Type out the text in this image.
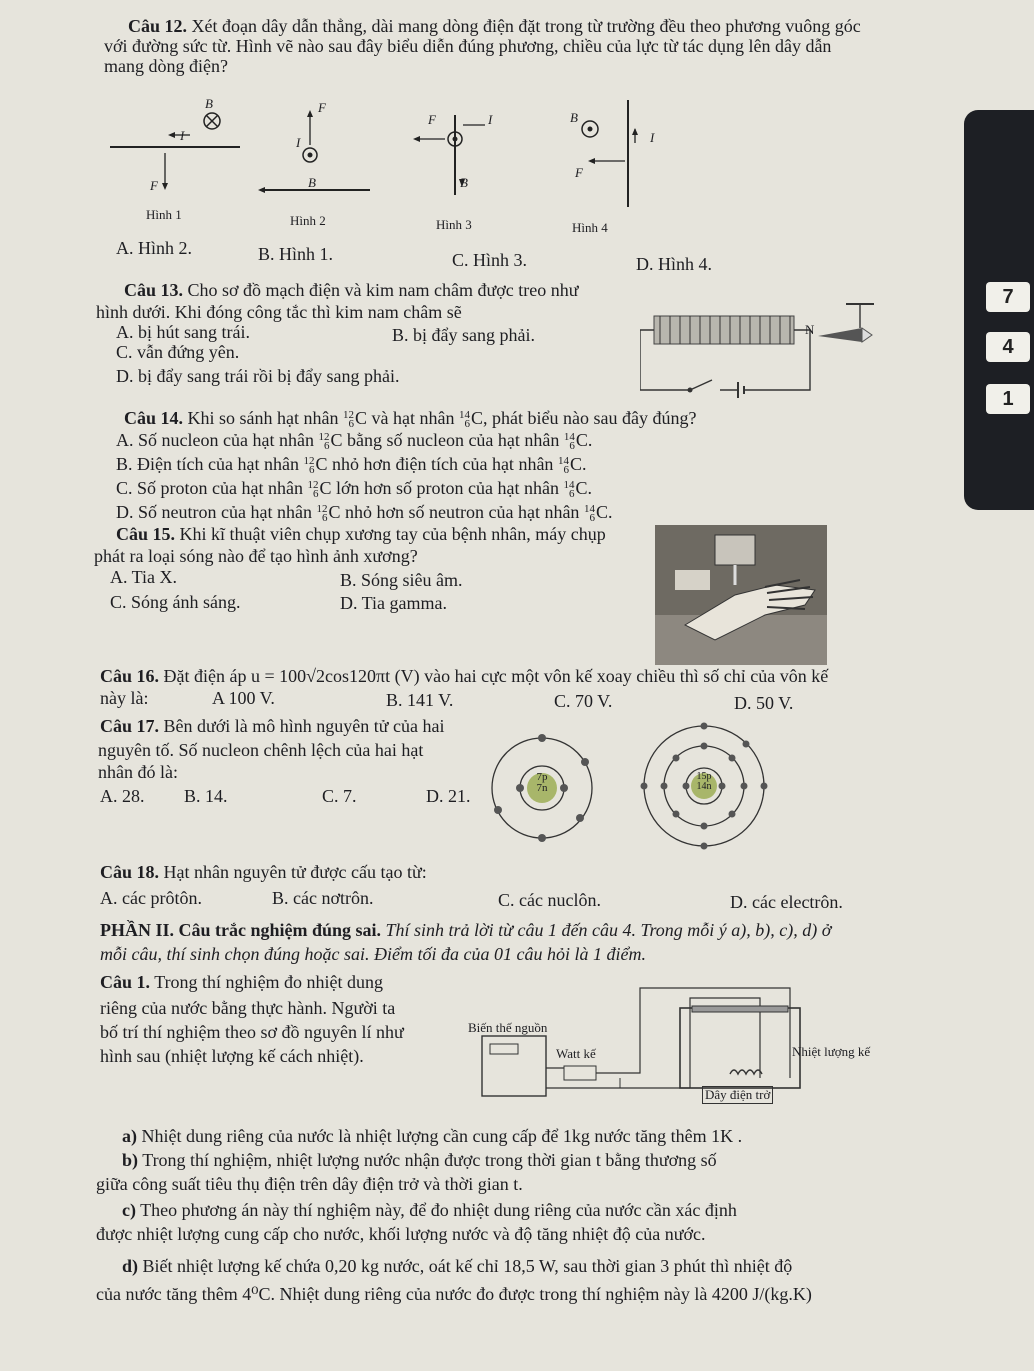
7
4
1
Câu 12. Xét đoạn dây dẫn thẳng, dài mang dòng điện đặt trong từ trường đều theo phương vuông góc
với đường sức từ. Hình vẽ nào sau đây biểu diễn đúng phương, chiều của lực từ tác dụng lên dây dẫn
mang dòng điện?
B
I
F
F
I
B
F	I
B
B
I
F
Hình 1	Hình 2	Hình 3	Hình 4
A. Hình 2.	B. Hình 1.	C. Hình 3.	D. Hình 4.
Câu 13. Cho sơ đồ mạch điện và kim nam châm được treo như
hình dưới. Khi đóng công tắc thì kim nam châm sẽ
A. bị hút sang trái.	B. bị đẩy sang phải.
C. vẫn đứng yên.
D. bị đẩy sang trái rồi bị đẩy sang phải.
N
Câu 14. Khi so sánh hạt nhân 12
6 C và hạt nhân 14
6 C, phát biểu nào sau đây đúng?
A. Số nucleon của hạt nhân 12
6 C bằng số nucleon của hạt nhân 14
6 C.
B. Điện tích của hạt nhân 12
6 C nhỏ hơn điện tích của hạt nhân 14
6 C.
C. Số proton của hạt nhân 12
6 C lớn hơn số proton của hạt nhân 14
6 C.
D. Số neutron của hạt nhân 12
6 C nhỏ hơn số neutron của hạt nhân 14
6 C.
Câu 15. Khi kĩ thuật viên chụp xương tay của bệnh nhân, máy chụp
phát ra loại sóng nào để tạo hình ảnh xương?
A. Tia X.	B. Sóng siêu âm.
C. Sóng ánh sáng.	D. Tia gamma.
Câu 16. Đặt điện áp u = 100√2cos120πt (V) vào hai cực một vôn kế xoay chiều thì số chỉ của vôn kế
này là:	A 100 V.	B. 141 V.	C. 70 V.	D. 50 V.
Câu 17. Bên dưới là mô hình nguyên tử của hai
nguyên tố. Số nucleon chênh lệch của hai hạt
nhân đó là:
A. 28. B. 14.	C. 7.	D. 21.
7p
7n
15p
14n
Câu 18. Hạt nhân nguyên tử được cấu tạo từ:
A. các prôtôn.	B. các nơtrôn.	C. các nuclôn.	D. các electrôn.
PHẦN II. Câu trắc nghiệm đúng sai. Thí sinh trả lời từ câu 1 đến câu 4. Trong mỗi ý a), b), c), d) ở
mỗi câu, thí sinh chọn đúng hoặc sai. Điểm tối đa của 01 câu hỏi là 1 điểm.
Câu 1. Trong thí nghiệm đo nhiệt dung
riêng của nước bằng thực hành. Người ta
bố trí thí nghiệm theo sơ đồ nguyên lí như
hình sau (nhiệt lượng kế cách nhiệt).
Biến thế nguồn
Watt kế	Nhiệt lượng kế
Dây điện trở
a) Nhiệt dung riêng của nước là nhiệt lượng cần cung cấp để 1kg nước tăng thêm 1K .
b) Trong thí nghiệm, nhiệt lượng nước nhận được trong thời gian t bằng thương số
giữa công suất tiêu thụ điện trên dây điện trở và thời gian t.
c) Theo phương án này thí nghiệm này, để đo nhiệt dung riêng của nước cần xác định
được nhiệt lượng cung cấp cho nước, khối lượng nước và độ tăng nhiệt độ của nước.
d) Biết nhiệt lượng kế chứa 0,20 kg nước, oát kế chỉ 18,5 W, sau thời gian 3 phút thì nhiệt độ
của nước tăng thêm 4⁰C. Nhiệt dung riêng của nước đo được trong thí nghiệm này là 4200 J/(kg.K)
